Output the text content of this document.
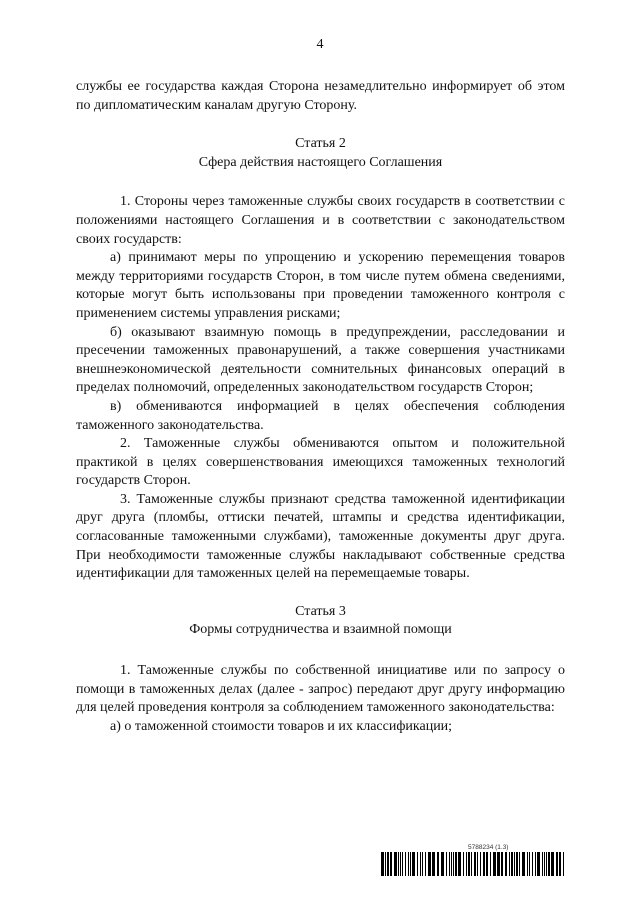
4

службы ее государства каждая Сторона незамедлительно информирует об этом по дипломатическим каналам другую Сторону.

Статья 2

Сфера действия настоящего Соглашения

1. Стороны через таможенные службы своих государств в соответствии с положениями настоящего Соглашения и в соответствии с законодательством своих государств:

а) принимают меры по упрощению и ускорению перемещения товаров между территориями государств Сторон, в том числе путем обмена сведениями, которые могут быть использованы при проведении таможенного контроля с применением системы управления рисками;

б) оказывают взаимную помощь в предупреждении, расследовании и пресечении таможенных правонарушений, а также совершения участниками внешнеэкономической деятельности сомнительных финансовых операций в пределах полномочий, определенных законодательством государств Сторон;

в) обмениваются информацией в целях обеспечения соблюдения таможенного законодательства.

2. Таможенные службы обмениваются опытом и положительной практикой в целях совершенствования имеющихся таможенных технологий государств Сторон.

3. Таможенные службы признают средства таможенной идентификации друг друга (пломбы, оттиски печатей, штампы и средства идентификации, согласованные таможенными службами), таможенные документы друг друга. При необходимости таможенные службы накладывают собственные средства идентификации для таможенных целей на перемещаемые товары.

Статья 3

Формы сотрудничества и взаимной помощи

1. Таможенные службы по собственной инициативе или по запросу о помощи в таможенных делах (далее - запрос) передают друг другу информацию для целей проведения контроля за соблюдением таможенного законодательства:

а) о таможенной стоимости товаров и их классификации;

5788234 (1.3)
